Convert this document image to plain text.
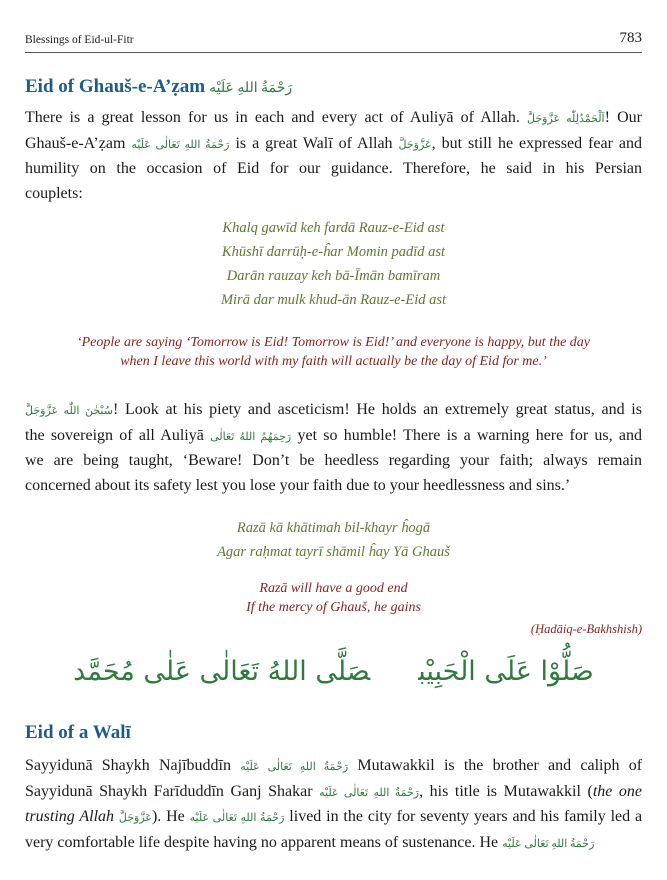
Blessings of Eid-ul-Fitr	783
Eid of Ghauš-e-A’ẓam رَحْمَةُ اللهِ عَلَيْه
There is a great lesson for us in each and every act of Auliyā of Allah. اَلْحَمْدُلِلّٰه عَزَّوَجَلَّ! Our
Ghauš-e-A’ẓam رَحْمَةُ اللهِ تَعَالٰى عَلَيْه is a great Walī of Allah عَزَّوَجَلَّ, but still he expressed fear and
humility on the occasion of Eid for our guidance. Therefore, he said in his Persian
couplets:
Khalq gawīd keh fardā Rauz-e-Eid ast
Khūshī darrūḥ-e-ĥar Momin padīd ast
Darān rauzay keh bā-Īmān bamīram
Mirā dar mulk khud-ān Rauz-e-Eid ast
‘People are saying ‘Tomorrow is Eid! Tomorrow is Eid!’ and everyone is happy, but the day
when I leave this world with my faith will actually be the day of Eid for me.’
سُبْحٰنَ اللّٰه عَزَّوَجَلَّ! Look at his piety and asceticism! He holds an extremely great status, and is
the sovereign of all Auliyā رَحِمَهُمُ اللهُ تَعَالٰى yet so humble! There is a warning here for us, and
we are being taught, ‘Beware! Don’t be heedless regarding your faith; always remain
concerned about its safety lest you lose your faith due to your heedlessness and sins.’
Razā kā khātimah bil-khayr ĥogā
Agar raḥmat tayrī shāmil ĥay Yā Ghauš
Razā will have a good end
If the mercy of Ghauš, he gains
(Ḥadāiq-e-Bakhshish)
صَلُّوْا عَلَى الْحَبِيْبصَلَّى اللهُ تَعَالٰى عَلٰى مُحَمَّد
Eid of a Walī
Sayyidunā Shaykh Najībuddīn رَحْمَةُ اللهِ تَعَالٰى عَلَيْه Mutawakkil is the brother and caliph of
Sayyidunā Shaykh Farīduddīn Ganj Shakar رَحْمَةُ اللهِ تَعَالٰى عَلَيْه, his title is Mutawakkil (the one
trusting Allah عَزَّوَجَلَّ). He رَحْمَةُ اللهِ تَعَالٰى عَلَيْه lived in the city for seventy years and his family led a
very comfortable life despite having no apparent means of sustenance. He رَحْمَةُ اللهِ تَعَالٰى عَلَيْه
